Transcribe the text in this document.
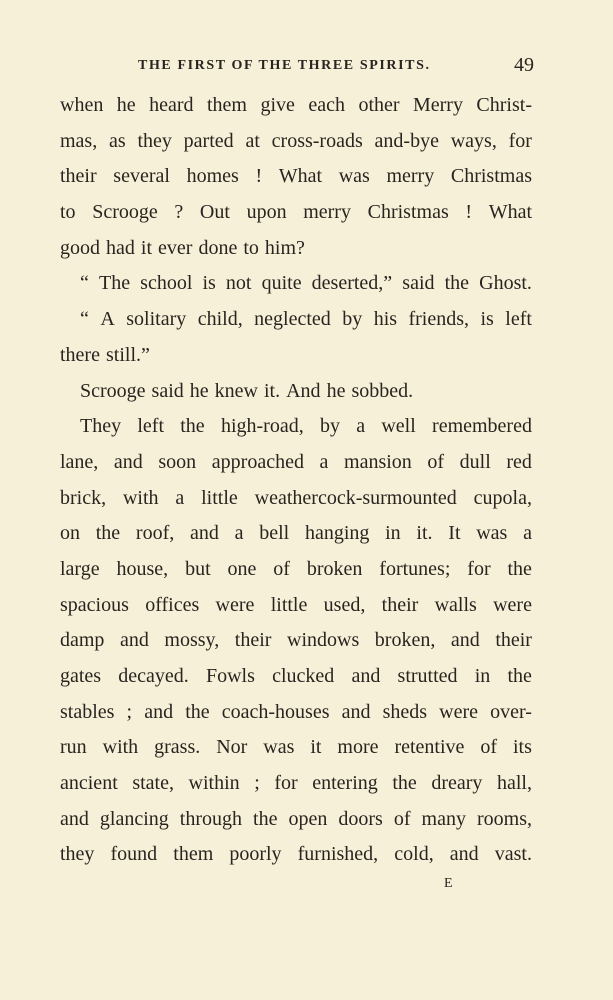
THE FIRST OF THE THREE SPIRITS.	49
when he heard them give each other Merry Christ-
mas, as they parted at cross-roads and-bye ways, for
their several homes ! What was merry Christmas
to Scrooge ? Out upon merry Christmas ! What
good had it ever done to him?
“ The school is not quite deserted,” said the Ghost.
“ A solitary child, neglected by his friends, is left
there still.”
Scrooge said he knew it. And he sobbed.
They left the high-road, by a well remembered
lane, and soon approached a mansion of dull red
brick, with a little weathercock-surmounted cupola,
on the roof, and a bell hanging in it. It was a
large house, but one of broken fortunes; for the
spacious offices were little used, their walls were
damp and mossy, their windows broken, and their
gates decayed. Fowls clucked and strutted in the
stables ; and the coach-houses and sheds were over-
run with grass. Nor was it more retentive of its
ancient state, within ; for entering the dreary hall,
and glancing through the open doors of many rooms,
they found them poorly furnished, cold, and vast.
E
